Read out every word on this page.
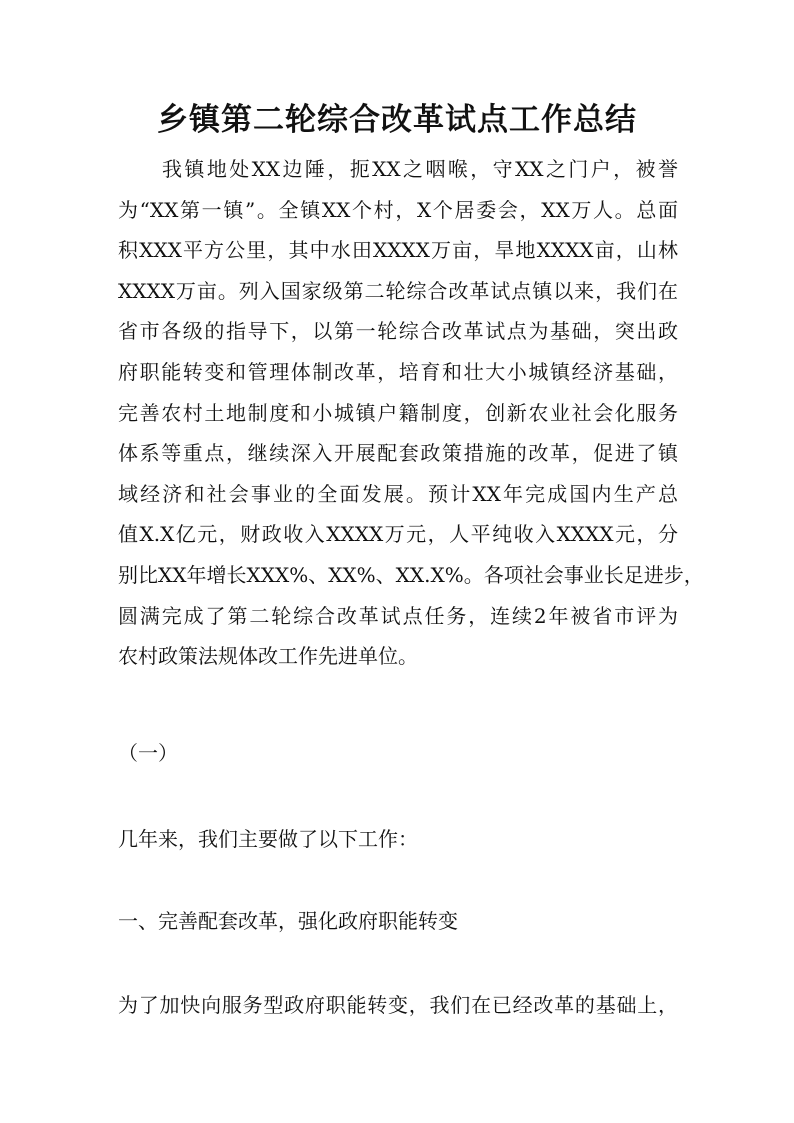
乡镇第二轮综合改革试点工作总结
我镇地处XX边陲，扼XX之咽喉，守XX之门户，被誉
为“XX第一镇”。全镇XX个村，X个居委会，XX万人。总面
积XXX平方公里，其中水田XXXX万亩，旱地XXXX亩，山林
XXXX万亩。列入国家级第二轮综合改革试点镇以来，我们在
省市各级的指导下，以第一轮综合改革试点为基础，突出政
府职能转变和管理体制改革，培育和壮大小城镇经济基础，
完善农村土地制度和小城镇户籍制度，创新农业社会化服务
体系等重点，继续深入开展配套政策措施的改革，促进了镇
域经济和社会事业的全面发展。预计XX年完成国内生产总
值X.X亿元，财政收入XXXX万元，人平纯收入XXXX元，分
别比XX年增长XXX%、XX%、XX.X%。各项社会事业长足进步，
圆满完成了第二轮综合改革试点任务，连续2年被省市评为
农村政策法规体改工作先进单位。
（一）
几年来，我们主要做了以下工作：
一、完善配套改革，强化政府职能转变
为了加快向服务型政府职能转变，我们在已经改革的基础上，
